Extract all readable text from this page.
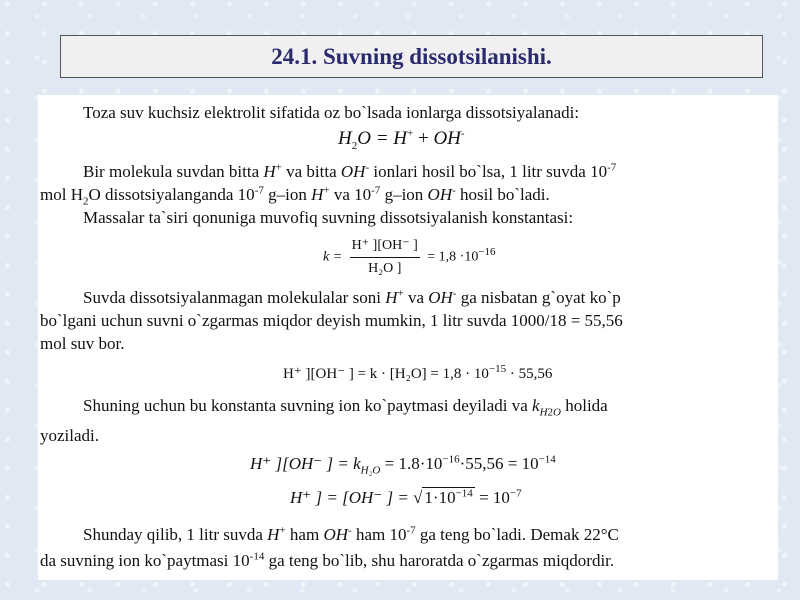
24.1. Suvning dissotsilanishi.
Toza suv kuchsiz elektrolit sifatida oz bo`lsada ionlarga dissotsiyalanadi:
$H_2O = H^+ + OH^-$
Bir molekula suvdan bitta H+ va bitta OH- ionlari hosil bo`lsa, 1 litr suvda $10^{-7}$
mol $H_2O$ dissotsiyalanganda $10^{-7}$ g–ion H+ va $10^{-7}$ g–ion OH- hosil bo`ladi.
Massalar ta`siri qonuniga muvofiq suvning dissotsiyalanish konstantasi:
$k = \frac{H^+ ][OH^- ]}{\text{H₂O ]}} = 1,8 \cdot 10^{-16}$
Suvda dissotsiyalanmagan molekulalar soni H+ va OH- ga nisbatan g`oyat ko`p
bo`lgani uchun suvni o`zgarmas miqdor deyish mumkin, 1 litr suvda 1000/18 = 55,56
mol suv bor.
H⁺ ][OH⁻ ] = $k \cdot [H_2O] = 1,8 \cdot 10^{-15} \cdot 55,56$
Shuning uchun bu konstanta suvning ion ko`paytmasi deyiladi va $k_{H2O}$ holida
yoziladi.
H⁺ ][OH⁻ ] = $k_{H_2O} = 1.8\cdot 10^{-16}\cdot 55,56 = 10^{-14}$
H⁺ ] = [OH⁻ ] = √ $1\cdot 10^{-14} = 10^{-7}$
Shunday qilib, 1 litr suvda H+ ham OH- ham $10^{-7}$ ga teng bo`ladi. Demak 22°C
da suvning ion ko`paytmasi $10^{-14}$ ga teng bo`lib, shu haroratda o`zgarmas miqdordir.
